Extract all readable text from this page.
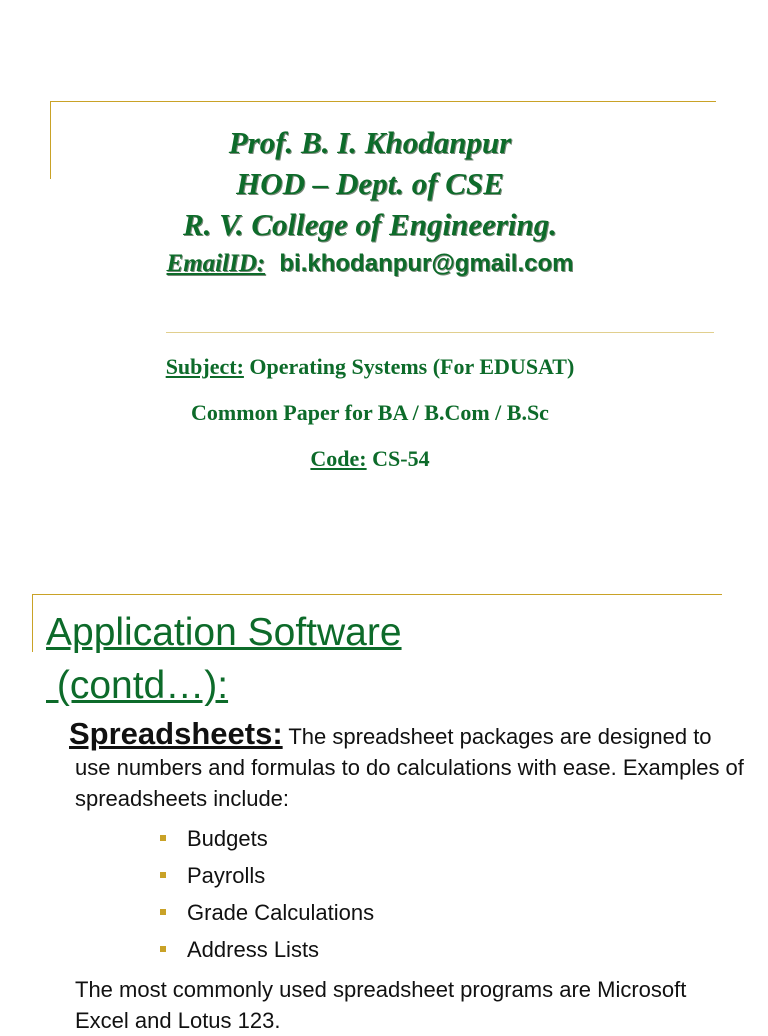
Prof. B. I. Khodanpur
HOD – Dept. of CSE
R. V. College of Engineering.
EmailID: bi.khodanpur@gmail.com
Subject: Operating Systems (For EDUSAT)
Common Paper for BA / B.Com / B.Sc
Code: CS-54
Application Software
(contd…):
Spreadsheets: The spreadsheet packages are designed to use numbers and formulas to do calculations with ease. Examples of spreadsheets include:
Budgets
Payrolls
Grade Calculations
Address Lists
The most commonly used spreadsheet programs are Microsoft Excel and Lotus 123.
